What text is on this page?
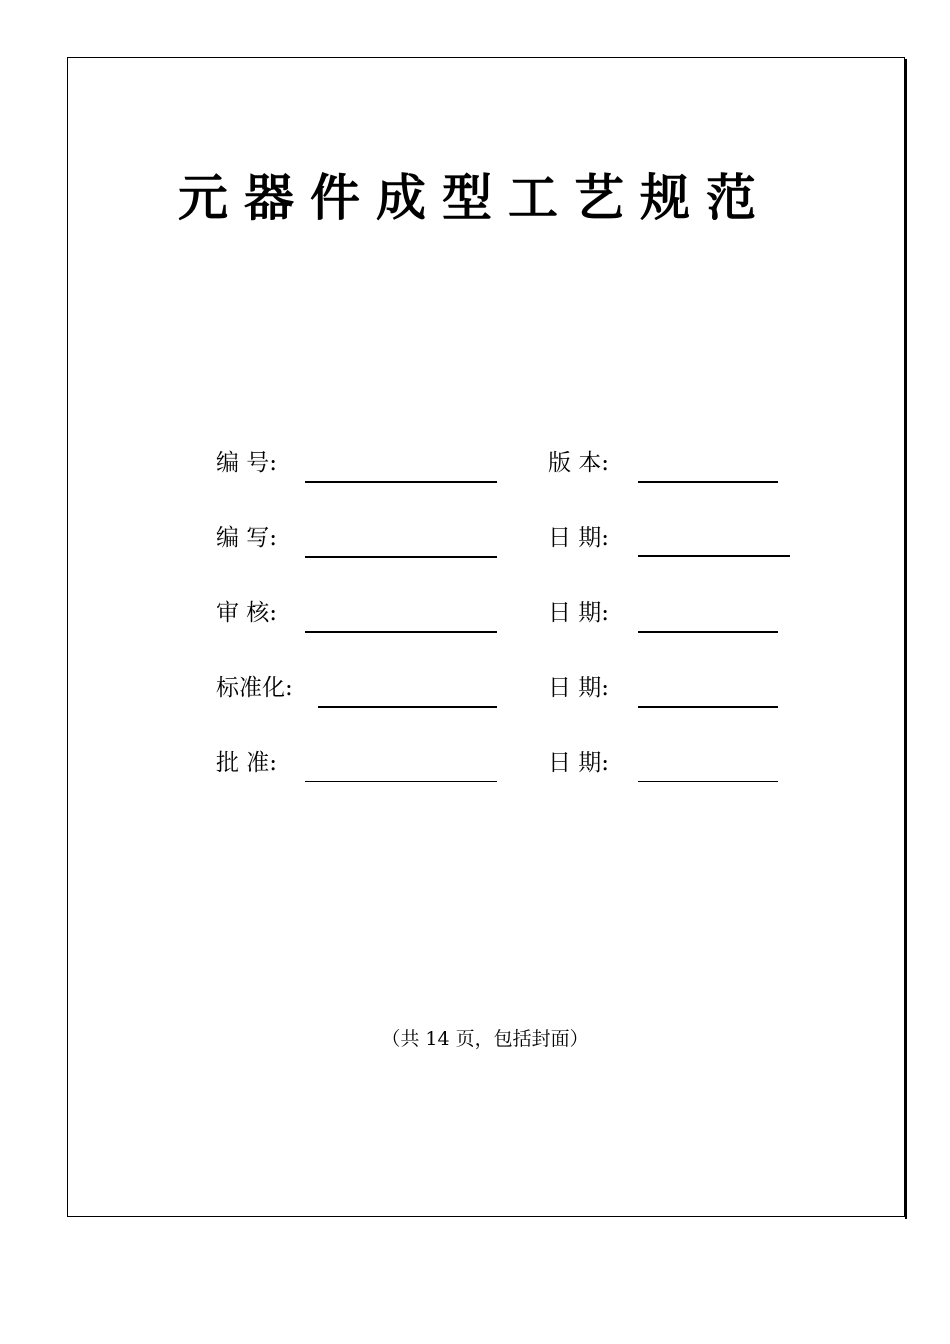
元器件成型工艺规范
编 号:	版 本:
编 写:	日 期:
审 核:	日 期:
标准化:	日 期:
批 准:	日 期:
（共 14 页，包括封面）
